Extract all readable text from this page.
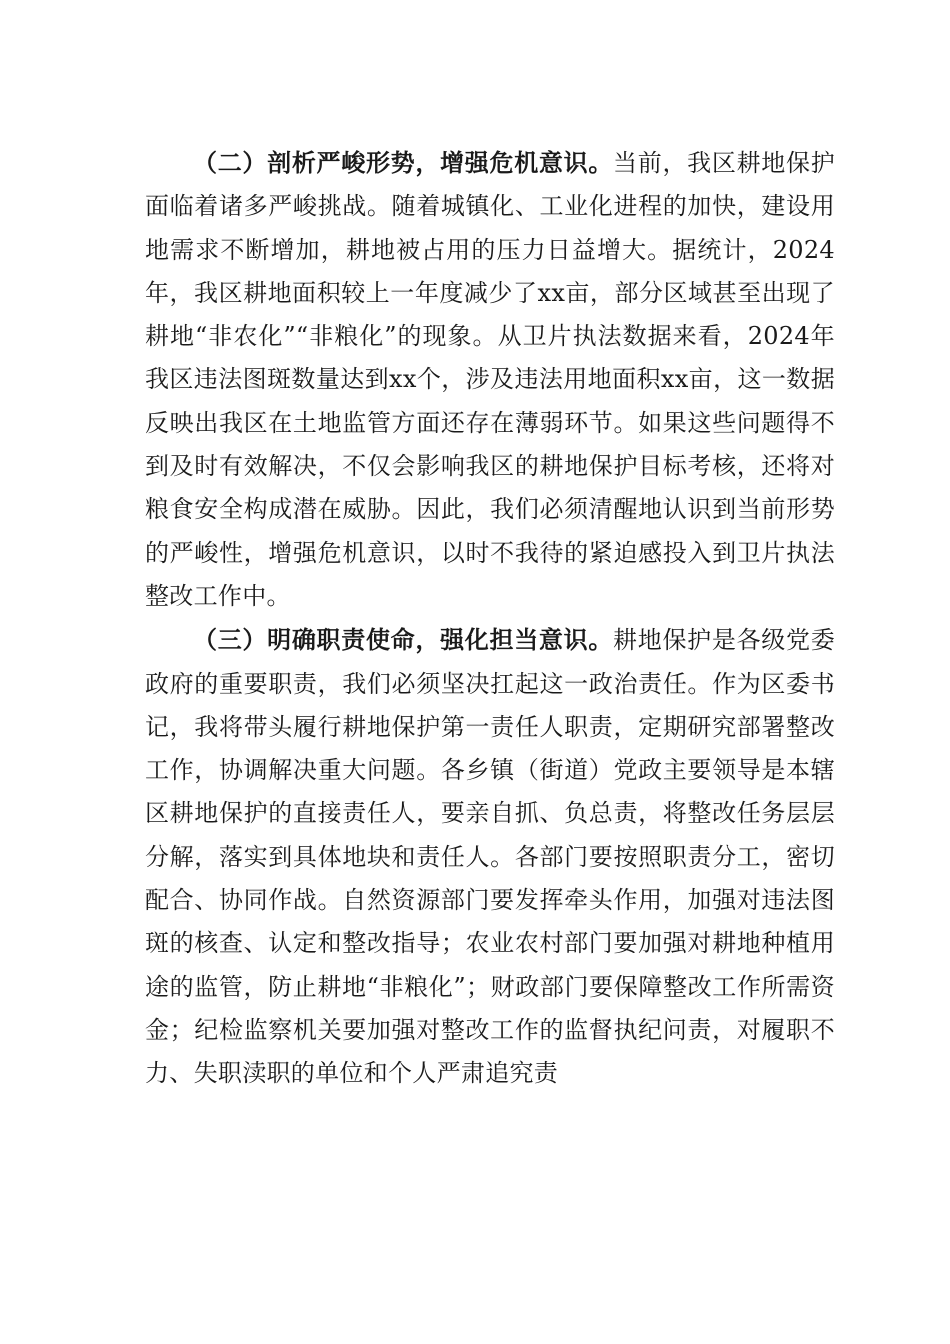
（二）剖析严峻形势，增强危机意识。当前，我区耕地保护面临着诸多严峻挑战。随着城镇化、工业化进程的加快，建设用地需求不断增加，耕地被占用的压力日益增大。据统计，2024年，我区耕地面积较上一年度减少了xx亩，部分区域甚至出现了耕地“非农化”“非粮化”的现象。从卫片执法数据来看，2024年我区违法图斑数量达到xx个，涉及违法用地面积xx亩，这一数据反映出我区在土地监管方面还存在薄弱环节。如果这些问题得不到及时有效解决，不仅会影响我区的耕地保护目标考核，还将对粮食安全构成潜在威胁。因此，我们必须清醒地认识到当前形势的严峻性，增强危机意识，以时不我待的紧迫感投入到卫片执法整改工作中。

（三）明确职责使命，强化担当意识。耕地保护是各级党委政府的重要职责，我们必须坚决扛起这一政治责任。作为区委书记，我将带头履行耕地保护第一责任人职责，定期研究部署整改工作，协调解决重大问题。各乡镇（街道）党政主要领导是本辖区耕地保护的直接责任人，要亲自抓、负总责，将整改任务层层分解，落实到具体地块和责任人。各部门要按照职责分工，密切配合、协同作战。自然资源部门要发挥牵头作用，加强对违法图斑的核查、认定和整改指导；农业农村部门要加强对耕地种植用途的监管，防止耕地“非粮化”；财政部门要保障整改工作所需资金；纪检监察机关要加强对整改工作的监督执纪问责，对履职不力、失职渎职的单位和个人严肃追究责
